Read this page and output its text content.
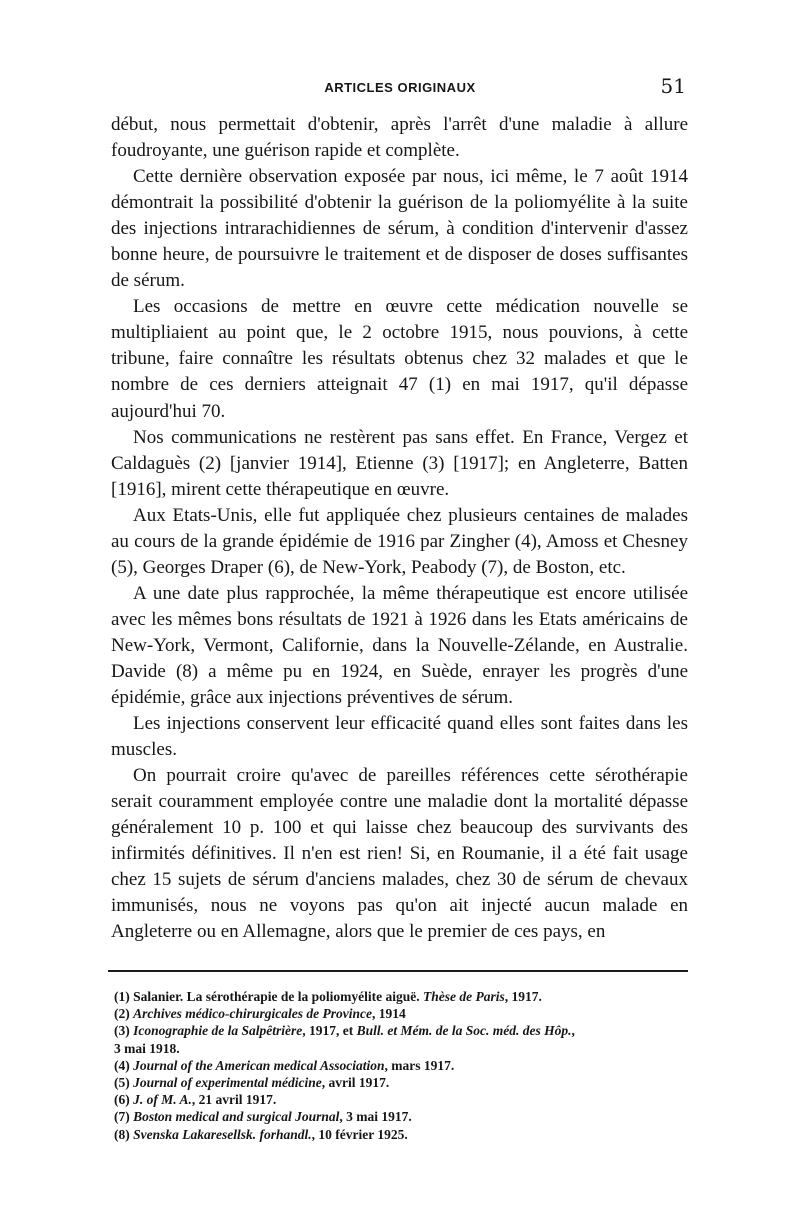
ARTICLES ORIGINAUX	51

début, nous permettait d'obtenir, après l'arrêt d'une maladie à allure foudroyante, une guérison rapide et complète.

Cette dernière observation exposée par nous, ici même, le 7 août 1914 démontrait la possibilité d'obtenir la guérison de la poliomyélite à la suite des injections intrarachidiennes de sérum, à condition d'intervenir d'assez bonne heure, de poursuivre le traitement et de disposer de doses suffisantes de sérum.

Les occasions de mettre en œuvre cette médication nouvelle se multipliaient au point que, le 2 octobre 1915, nous pouvions, à cette tribune, faire connaître les résultats obtenus chez 32 malades et que le nombre de ces derniers atteignait 47 (1) en mai 1917, qu'il dépasse aujourd'hui 70.

Nos communications ne restèrent pas sans effet. En France, Vergez et Caldaguès (2) [janvier 1914], Etienne (3) [1917]; en Angleterre, Batten [1916], mirent cette thérapeutique en œuvre.

Aux Etats-Unis, elle fut appliquée chez plusieurs centaines de malades au cours de la grande épidémie de 1916 par Zingher (4), Amoss et Chesney (5), Georges Draper (6), de New-York, Peabody (7), de Boston, etc.

A une date plus rapprochée, la même thérapeutique est encore utilisée avec les mêmes bons résultats de 1921 à 1926 dans les Etats américains de New-York, Vermont, Californie, dans la Nouvelle-Zélande, en Australie. Davide (8) a même pu en 1924, en Suède, enrayer les progrès d'une épidémie, grâce aux injections préventives de sérum.

Les injections conservent leur efficacité quand elles sont faites dans les muscles.

On pourrait croire qu'avec de pareilles références cette sérothérapie serait couramment employée contre une maladie dont la mortalité dépasse généralement 10 p. 100 et qui laisse chez beaucoup des survivants des infirmités définitives. Il n'en est rien! Si, en Roumanie, il a été fait usage chez 15 sujets de sérum d'anciens malades, chez 30 de sérum de chevaux immunisés, nous ne voyons pas qu'on ait injecté aucun malade en Angleterre ou en Allemagne, alors que le premier de ces pays, en

(1) Salanier. La sérothérapie de la poliomyélite aiguë. Thèse de Paris, 1917.

(2) Archives médico-chirurgicales de Province, 1914

(3) Iconographie de la Salpêtrière, 1917, et Bull. et Mém. de la Soc. méd. des Hôp.,
3 mai 1918.

(4) Journal of the American medical Association, mars 1917.

(5) Journal of experimental médicine, avril 1917.

(6) J. of M. A., 21 avril 1917.

(7) Boston medical and surgical Journal, 3 mai 1917.

(8) Svenska Lakaresellsk. forhandl., 10 février 1925.
